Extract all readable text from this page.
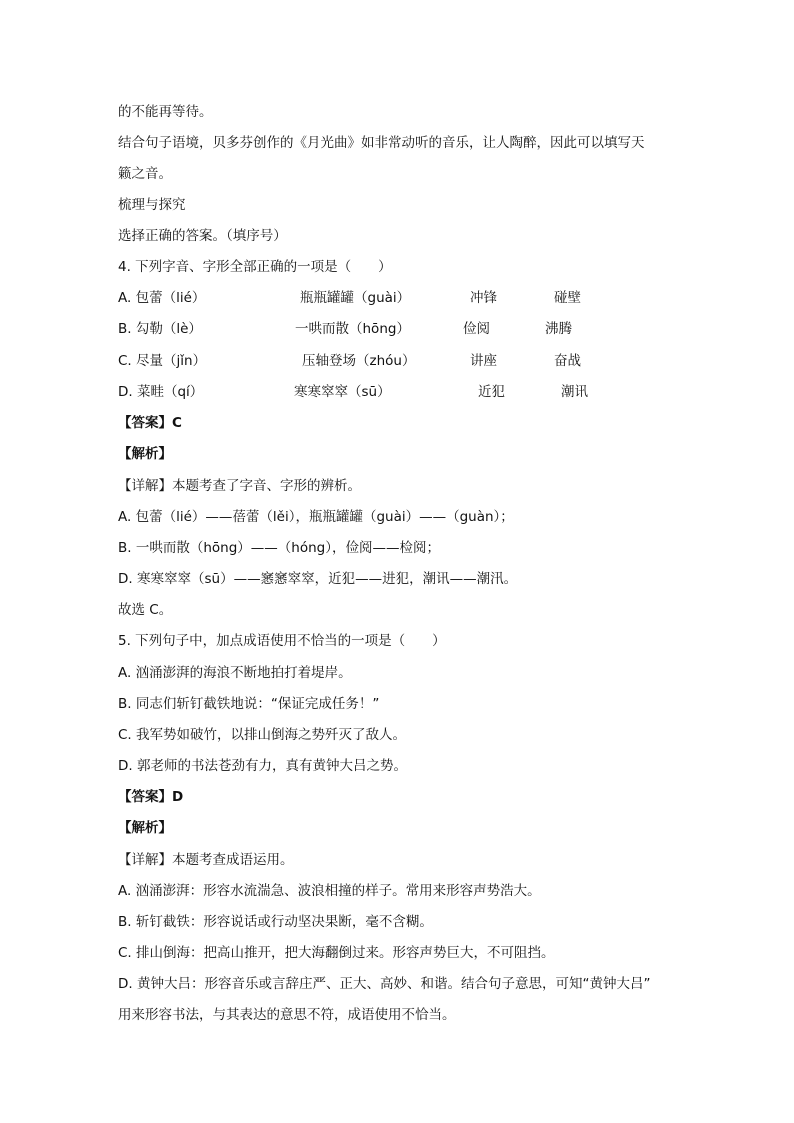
的不能再等待。
结合句子语境，贝多芬创作的《月光曲》如非常动听的音乐，让人陶醉，因此可以填写天
籁之音。
梳理与探究
选择正确的答案。（填序号）
4. 下列字音、字形全部正确的一项是（　　）
A. 包蕾（lié）	瓶瓶罐罐（guài）	冲锋	碰壁
B. 勾勒（lè）	一哄而散（hōng）	俭阅	沸腾
C. 尽量（jǐn）	压轴登场（zhóu）	讲座	奋战
D. 菜畦（qí）	寒寒窣窣（sū）	近犯	潮讯
【答案】C
【解析】
【详解】本题考查了字音、字形的辨析。
A. 包蕾（lié）——蓓蕾（lěi），瓶瓶罐罐（guài）——（guàn）；
B. 一哄而散（hōng）——（hóng），俭阅——检阅；
D. 寒寒窣窣（sū）——窸窸窣窣，近犯——进犯，潮讯——潮汛。
故选 C。
5. 下列句子中，加点成语使用不恰当的一项是（　　）
A. 汹涌澎湃的海浪不断地拍打着堤岸。
B. 同志们斩钉截铁地说：“保证完成任务！”
C. 我军势如破竹，以排山倒海之势歼灭了敌人。
D. 郭老师的书法苍劲有力，真有黄钟大吕之势。
【答案】D
【解析】
【详解】本题考查成语运用。
A. 汹涌澎湃：形容水流湍急、波浪相撞的样子。常用来形容声势浩大。
B. 斩钉截铁：形容说话或行动坚决果断，毫不含糊。
C. 排山倒海：把高山推开，把大海翻倒过来。形容声势巨大，不可阻挡。
D. 黄钟大吕：形容音乐或言辞庄严、正大、高妙、和谐。结合句子意思，可知“黄钟大吕”
用来形容书法，与其表达的意思不符，成语使用不恰当。
